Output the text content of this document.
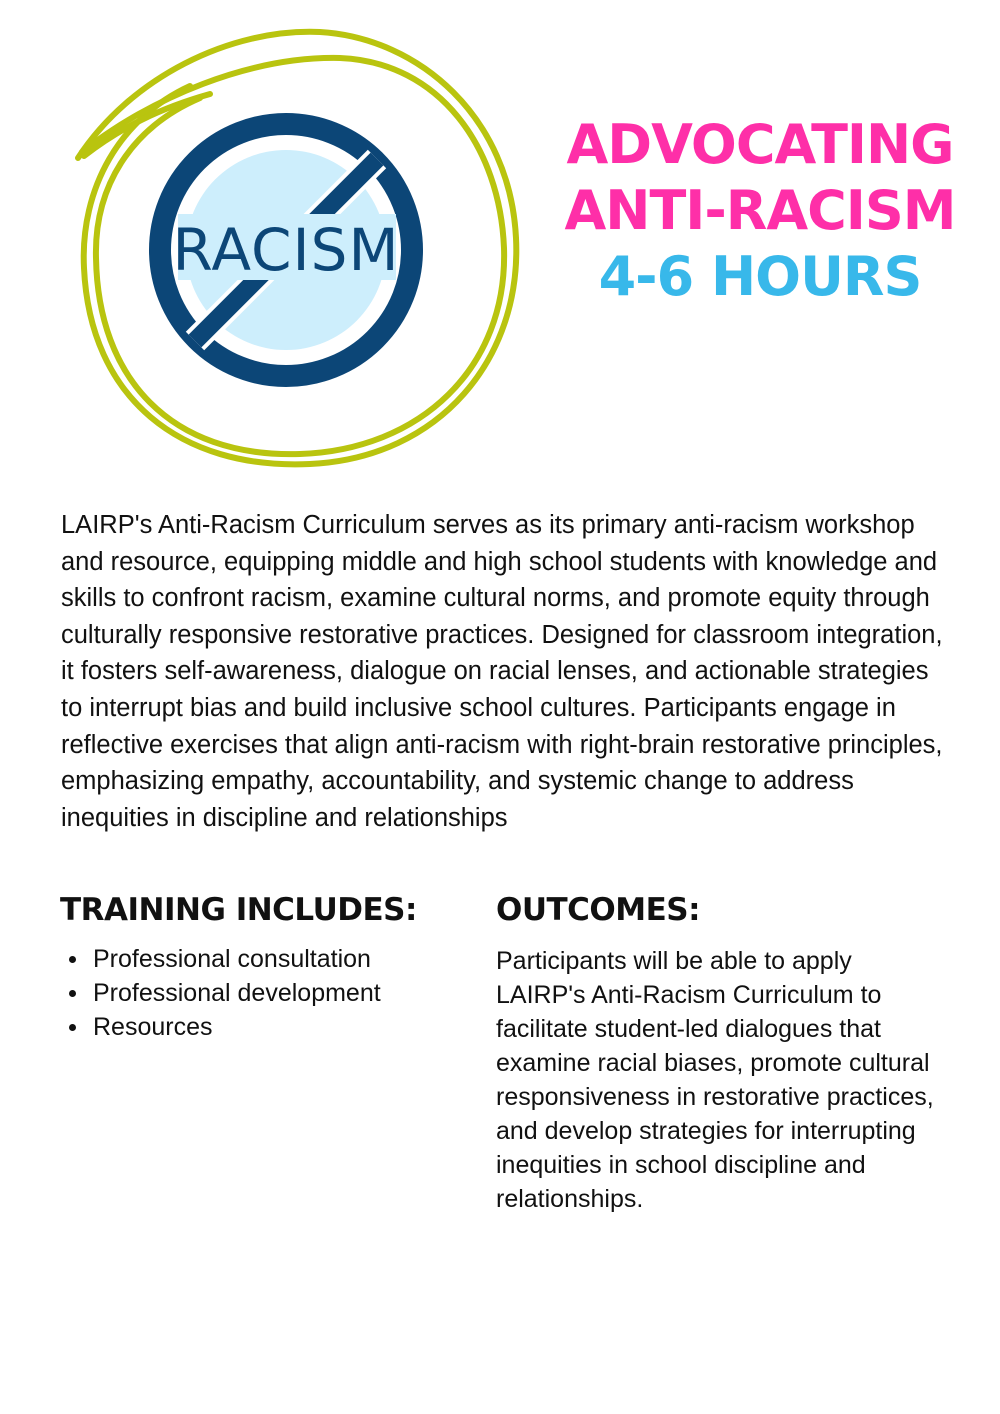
RACISM
ADVOCATING
ANTI-RACISM
4-6 HOURS

LAIRP's Anti-Racism Curriculum serves as its primary anti-racism workshop and resource, equipping middle and high school students with knowledge and skills to confront racism, examine cultural norms, and promote equity through culturally responsive restorative practices. Designed for classroom integration, it fosters self-awareness, dialogue on racial lenses, and actionable strategies to interrupt bias and build inclusive school cultures. Participants engage in reflective exercises that align anti-racism with right-brain restorative principles, emphasizing empathy, accountability, and systemic change to address inequities in discipline and relationships

TRAINING INCLUDES:
Professional consultation
Professional development
Resources
OUTCOMES:

Participants will be able to apply LAIRP's Anti-Racism Curriculum to facilitate student-led dialogues that examine racial biases, promote cultural responsiveness in restorative practices, and develop strategies for interrupting inequities in school discipline and relationships.
